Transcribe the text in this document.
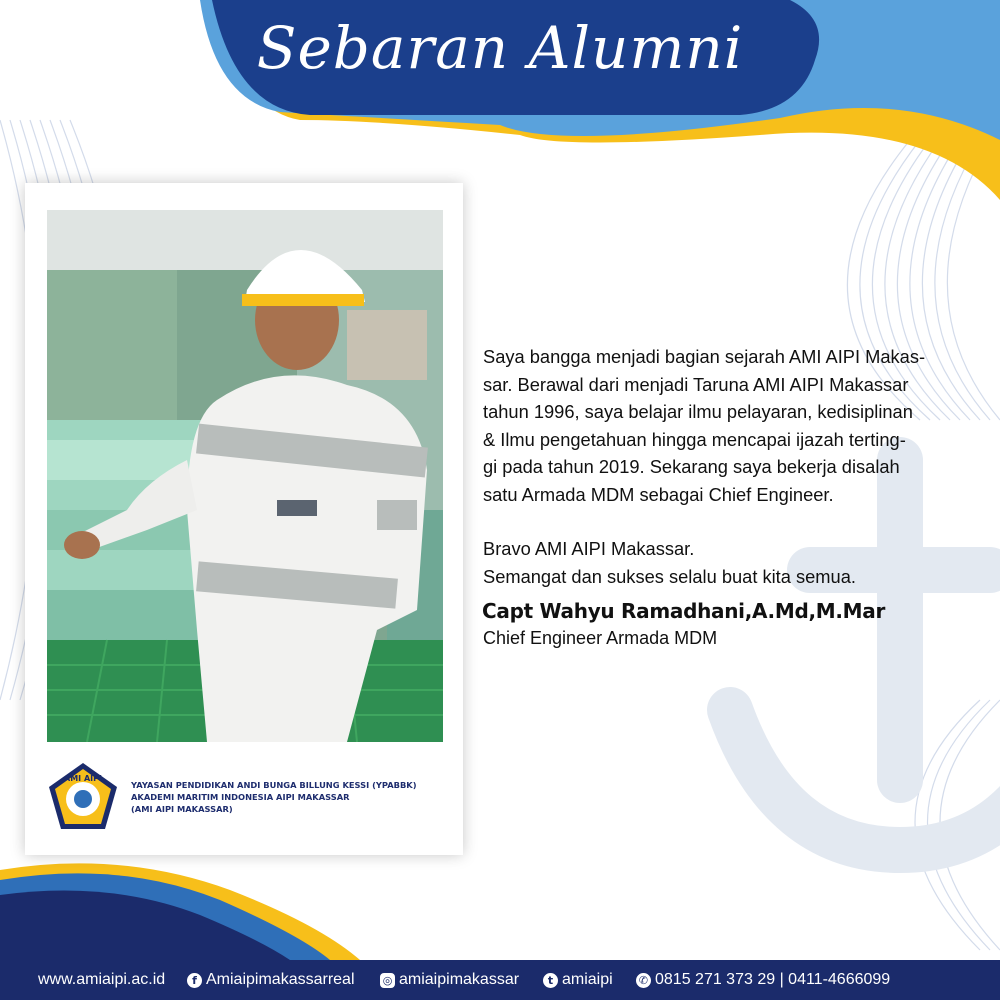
Sebaran Alumni
AMI AIPI
YAYASAN PENDIDIKAN ANDI BUNGA BILLUNG KESSI (YPABBK)
AKADEMI MARITIM INDONESIA AIPI MAKASSAR
(AMI AIPI MAKASSAR)

Saya bangga menjadi bagian sejarah AMI AIPI Makas-

sar. Berawal dari menjadi Taruna AMI AIPI Makassar

tahun 1996, saya belajar ilmu pelayaran, kedisiplinan

& Ilmu pengetahuan hingga mencapai ijazah terting-

gi pada tahun 2019. Sekarang saya bekerja disalah

satu Armada MDM sebagai Chief Engineer.

Bravo AMI AIPI Makassar.

Semangat dan sukses selalu buat kita semua.

Capt Wahyu Ramadhani,A.Md,M.Mar
Chief Engineer Armada MDM
www.amiaipi.ac.id	f Amiaipimakassarreal	◎ amiaipimakassar	t amiaipi ✆ 0815 271 373 29 | 0411-4666099
